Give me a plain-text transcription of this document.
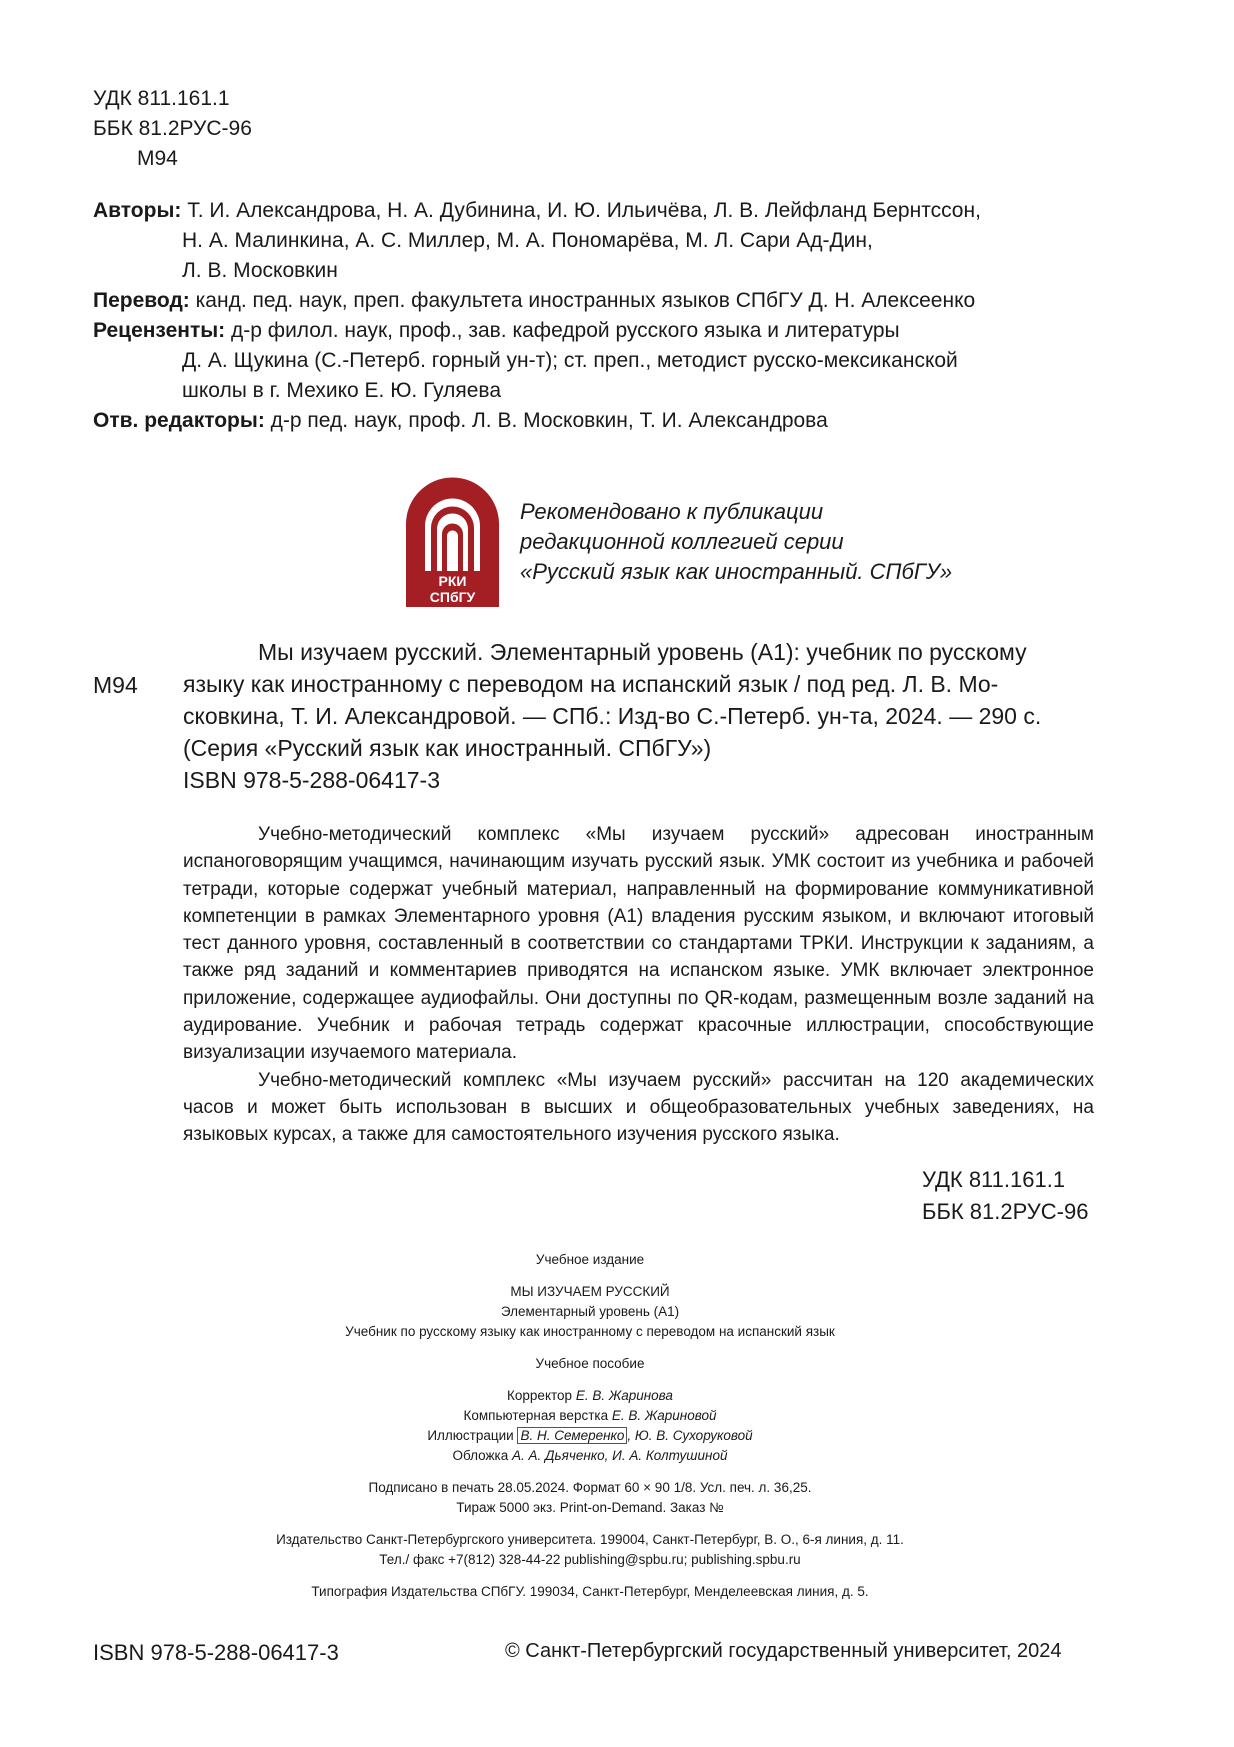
УДК 811.161.1
ББК 81.2РУС-96
М94
Авторы: Т. И. Александрова, Н. А. Дубинина, И. Ю. Ильичёва, Л. В. Лейфланд Бернтссон,
Н. А. Малинкина, А. С. Миллер, М. А. Пономарёва, М. Л. Сари Ад-Дин,
Л. В. Московкин
Перевод: канд. пед. наук, преп. факультета иностранных языков СПбГУ Д. Н. Алексеенко
Рецензенты: д-р филол. наук, проф., зав. кафедрой русского языка и литературы
Д. А. Щукина (С.-Петерб. горный ун-т); ст. преп., методист русско-мексиканской
школы в г. Мехико Е. Ю. Гуляева
Отв. редакторы: д-р пед. наук, проф. Л. В. Московкин, Т. И. Александрова
РКИ
СПбГУ
Рекомендовано к публикации
редакционной коллегией серии
«Русский язык как иностранный. СПбГУ»
М94
Мы изучаем русский. Элементарный уровень (А1): учебник по русскому
языку как иностранному с переводом на испанский язык / под ред. Л. В. Мо-
сковкина, Т. И. Александровой. — СПб.: Изд-во С.-Петерб. ун-та, 2024. — 290 с.
(Серия «Русский язык как иностранный. СПбГУ»)
ISBN 978-5-288-06417-3

Учебно-методический комплекс «Мы изучаем русский» адресован иностранным испаноговорящим учащимся, начинающим изучать русский язык. УМК состоит из учебника и рабочей тетради, которые содержат учебный материал, направленный на формирование коммуникативной компетенции в рамках Элементарного уровня (А1) владения русским языком, и включают итоговый тест данного уровня, составленный в соответствии со стандартами ТРКИ. Инструкции к заданиям, а также ряд заданий и комментариев приводятся на испанском языке. УМК включает электронное приложение, содержащее аудиофайлы. Они доступны по QR-кодам, размещенным возле заданий на аудирование. Учебник и рабочая тетрадь содержат красочные иллюстрации, способствующие визуализации изучаемого материала.

Учебно-методический комплекс «Мы изучаем русский» рассчитан на 120 академических часов и может быть использован в высших и общеобразовательных учебных заведениях, на языковых курсах, а также для самостоятельного изучения русского языка.

УДК 811.161.1
ББК 81.2РУС-96
Учебное издание
МЫ ИЗУЧАЕМ РУССКИЙ
Элементарный уровень (А1)
Учебник по русскому языку как иностранному с переводом на испанский язык
Учебное пособие
Корректор Е. В. Жаринова
Компьютерная верстка Е. В. Жариновой
Иллюстрации В. Н. Семеренко , Ю. В. Сухоруковой
Обложка А. А. Дьяченко, И. А. Колтушиной
Подписано в печать 28.05.2024. Формат 60 × 90 1/8. Усл. печ. л. 36,25.
Тираж 5000 экз. Print-on-Demand. Заказ №
Издательство Санкт-Петербургского университета. 199004, Санкт-Петербург, В. О., 6-я линия, д. 11.
Тел./ факс +7(812) 328-44-22 publishing@spbu.ru; publishing.spbu.ru
Типография Издательства СПбГУ. 199034, Санкт-Петербург, Менделеевская линия, д. 5.
ISBN 978-5-288-06417-3	© Санкт-Петербургский государственный университет, 2024
